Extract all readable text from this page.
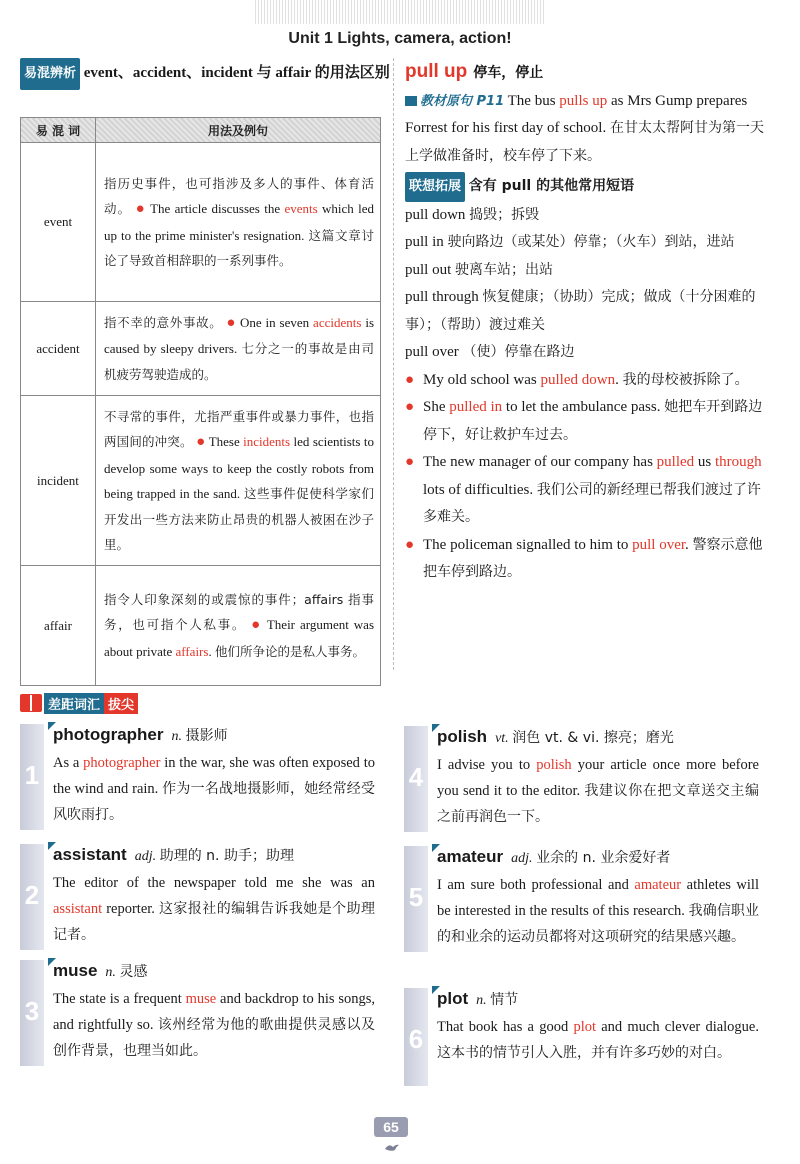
Unit 1 Lights, camera, action!
易混辨析 event、accident、incident 与 affair 的用法区别
易 混 词	用法及例句
event	指历史事件，也可指涉及多人的事件、体育活动。 ● The article discusses the events which led up to the prime minister's resignation. 这篇文章讨论了导致首相辞职的一系列事件。
accident	指不幸的意外事故。 ● One in seven accidents is caused by sleepy drivers. 七分之一的事故是由司机疲劳驾驶造成的。
incident	不寻常的事件，尤指严重事件或暴力事件，也指两国间的冲突。 ● These incidents led scientists to develop some ways to keep the costly robots from being trapped in the sand. 这些事件促使科学家们开发出一些方法来防止昂贵的机器人被困在沙子里。
affair	指令人印象深刻的或震惊的事件；affairs 指事务，也可指个人私事。 ● Their argument was about private affairs. 他们所争论的是私人事务。
pull up 停车，停止
教材原句 P11 The bus pulls up as Mrs Gump prepares Forrest for his first day of school. 在甘太太帮阿甘为第一天上学做准备时，校车停了下来。
联想拓展 含有 pull 的其他常用短语
pull down 捣毁；拆毁
pull in 驶向路边（或某处）停靠；（火车）到站，进站
pull out 驶离车站；出站
pull through 恢复健康；（协助）完成；做成（十分困难的事）；（帮助）渡过难关
pull over （使）停靠在路边
● My old school was pulled down. 我的母校被拆除了。
● She pulled in to let the ambulance pass. 她把车开到路边停下，好让救护车过去。
● The new manager of our company has pulled us through lots of difficulties. 我们公司的新经理已帮我们渡过了许多难关。
● The policeman signalled to him to pull over. 警察示意他把车停到路边。
差距词汇 拔尖
1
photographer n. 摄影师
As a photographer in the war, she was often exposed to the wind and rain. 作为一名战地摄影师，她经常经受风吹雨打。
2
assistant adj. 助理的 n. 助手；助理
The editor of the newspaper told me she was an assistant reporter. 这家报社的编辑告诉我她是个助理记者。
3
muse n. 灵感
The state is a frequent muse and backdrop to his songs, and rightfully so. 该州经常为他的歌曲提供灵感以及创作背景，也理当如此。
4
polish vt. 润色 vt. & vi. 擦亮；磨光
I advise you to polish your article once more before you send it to the editor. 我建议你在把文章送交主编之前再润色一下。
5
amateur adj. 业余的 n. 业余爱好者
I am sure both professional and amateur athletes will be interested in the results of this research. 我确信职业的和业余的运动员都将对这项研究的结果感兴趣。
6
plot n. 情节
That book has a good plot and much clever dialogue. 这本书的情节引人入胜，并有许多巧妙的对白。
65
